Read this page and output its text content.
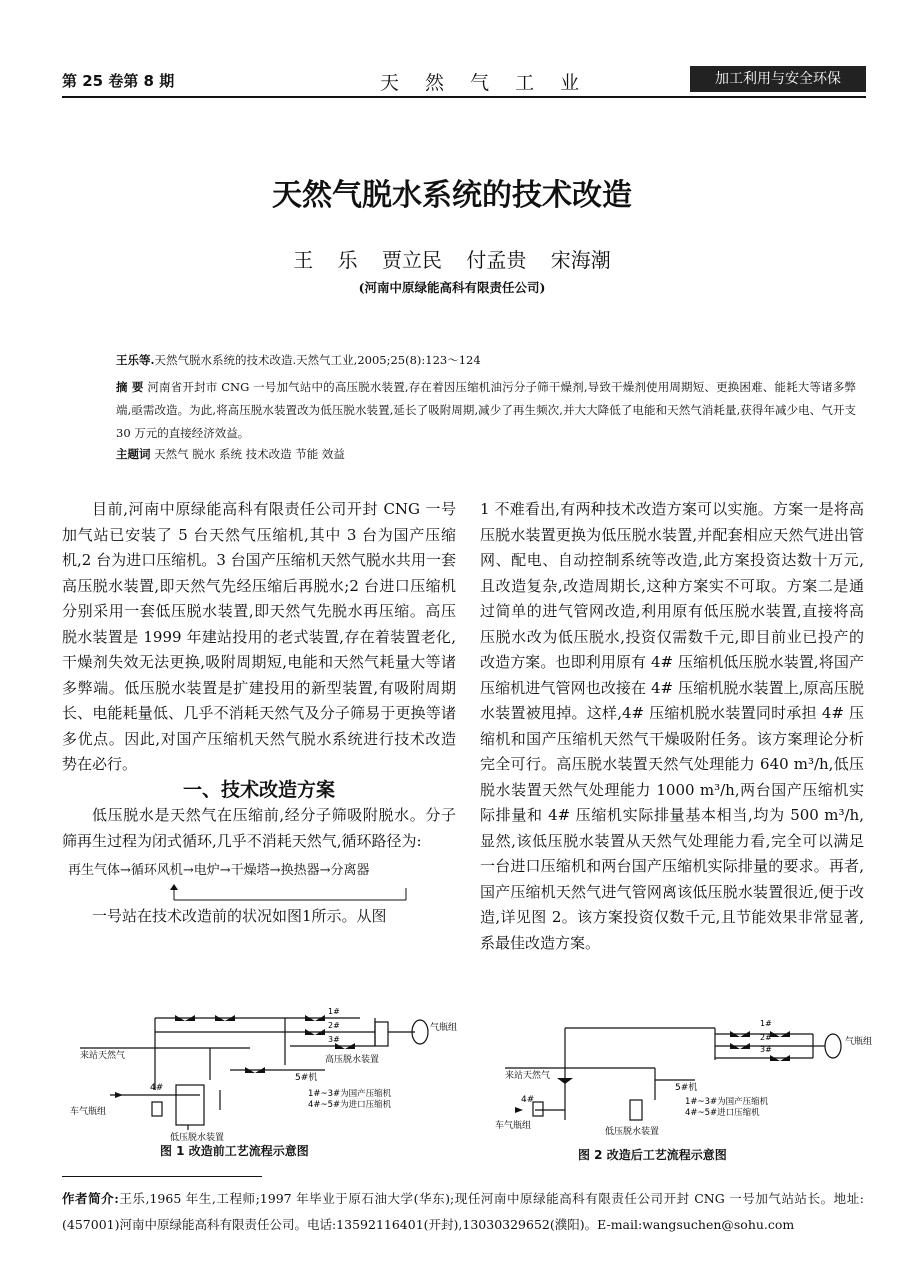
第 25 卷第 8 期	天 然 气 工 业	加工利用与安全环保
天然气脱水系统的技术改造
王 乐 贾立民 付孟贵 宋海潮
(河南中原绿能高科有限责任公司)
王乐等.天然气脱水系统的技术改造.天然气工业,2005;25(8):123～124
摘 要 河南省开封市 CNG 一号加气站中的高压脱水装置,存在着因压缩机油污分子筛干燥剂,导致干燥剂使用周期短、更换困难、能耗大等诸多弊端,亟需改造。为此,将高压脱水装置改为低压脱水装置,延长了吸附周期,减少了再生频次,并大大降低了电能和天然气消耗量,获得年减少电、气开支 30 万元的直接经济效益。
主题词 天然气 脱水 系统 技术改造 节能 效益

目前,河南中原绿能高科有限责任公司开封 CNG 一号加气站已安装了 5 台天然气压缩机,其中 3 台为国产压缩机,2 台为进口压缩机。3 台国产压缩机天然气脱水共用一套高压脱水装置,即天然气先经压缩后再脱水;2 台进口压缩机分别采用一套低压脱水装置,即天然气先脱水再压缩。高压脱水装置是 1999 年建站投用的老式装置,存在着装置老化,干燥剂失效无法更换,吸附周期短,电能和天然气耗量大等诸多弊端。低压脱水装置是扩建投用的新型装置,有吸附周期长、电能耗量低、几乎不消耗天然气及分子筛易于更换等诸多优点。因此,对国产压缩机天然气脱水系统进行技术改造势在必行。

一、技术改造方案

低压脱水是天然气在压缩前,经分子筛吸附脱水。分子筛再生过程为闭式循环,几乎不消耗天然气,循环路径为:

再生气体→循环风机→电炉→干燥塔→换热器→分离器

一号站在技术改造前的状况如图1所示。从图

来站天然气	高压脱水装置
气瓶组
5#机
4#
1#~3#为国产压缩机
4#~5#为进口压缩机
低压脱水装置
车气瓶组
1#
2#
3#
图 1 改造前工艺流程示意图

1 不难看出,有两种技术改造方案可以实施。方案一是将高压脱水装置更换为低压脱水装置,并配套相应天然气进出管网、配电、自动控制系统等改造,此方案投资达数十万元,且改造复杂,改造周期长,这种方案实不可取。方案二是通过简单的进气管网改造,利用原有低压脱水装置,直接将高压脱水改为低压脱水,投资仅需数千元,即目前业已投产的改造方案。也即利用原有 4# 压缩机低压脱水装置,将国产压缩机进气管网也改接在 4# 压缩机脱水装置上,原高压脱水装置被甩掉。这样,4# 压缩机脱水装置同时承担 4# 压缩机和国产压缩机天然气干燥吸附任务。该方案理论分析完全可行。高压脱水装置天然气处理能力 640 m³/h,低压脱水装置天然气处理能力 1000 m³/h,两台国产压缩机实际排量和 4# 压缩机实际排量基本相当,均为 500 m³/h,显然,该低压脱水装置从天然气处理能力看,完全可以满足一台进口压缩机和两台国产压缩机实际排量的要求。再者,国产压缩机天然气进气管网离该低压脱水装置很近,便于改造,详见图 2。该方案投资仅数千元,且节能效果非常显著,系最佳改造方案。

来站天然气
气瓶组
5#机
4#	1#~3#为国产压缩机
4#~5#进口压缩机
低压脱水装置
车气瓶组
1#
2#
3#
图 2 改造后工艺流程示意图
作者简介:王乐,1965 年生,工程师;1997 年毕业于原石油大学(华东);现任河南中原绿能高科有限责任公司开封 CNG 一号加气站站长。地址:(457001)河南中原绿能高科有限责任公司。电话:13592116401(开封),13030329652(濮阳)。E-mail:wangsuchen@sohu.com
